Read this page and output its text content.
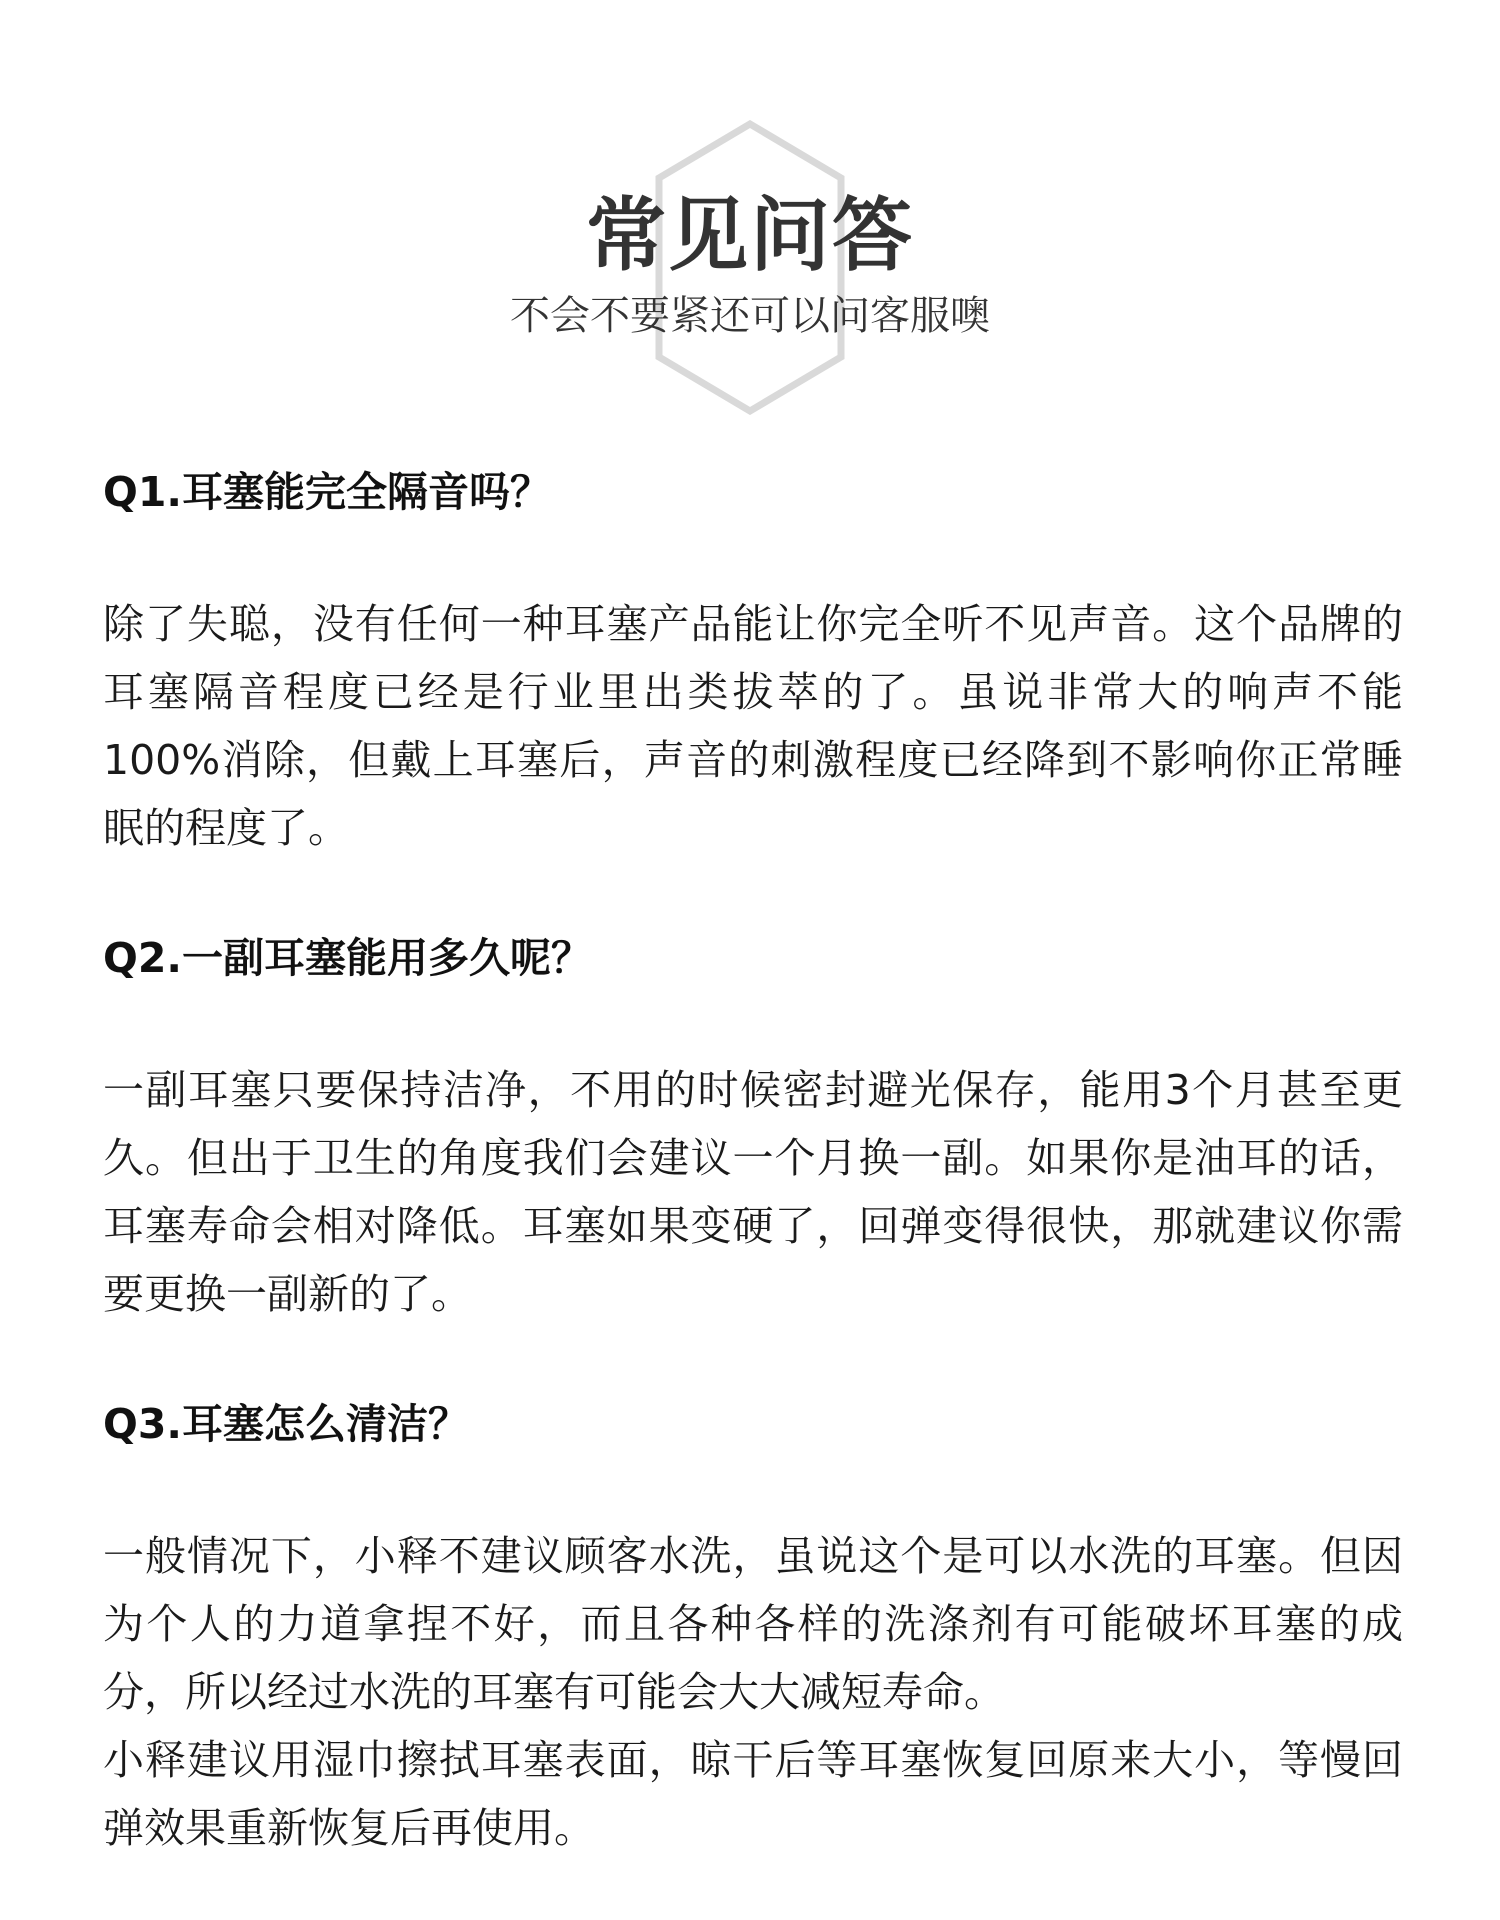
常见问答
不会不要紧还可以问客服噢

Q1.耳塞能完全隔音吗？

除了失聪，没有任何一种耳塞产品能让你完全听不见声音。这个品牌的耳塞隔音程度已经是行业里出类拔萃的了。虽说非常大的响声不能100%消除，但戴上耳塞后，声音的刺激程度已经降到不影响你正常睡眠的程度了。

Q2.一副耳塞能用多久呢？

一副耳塞只要保持洁净，不用的时候密封避光保存，能用3个月甚至更久。但出于卫生的角度我们会建议一个月换一副。如果你是油耳的话，耳塞寿命会相对降低。耳塞如果变硬了，回弹变得很快，那就建议你需要更换一副新的了。

Q3.耳塞怎么清洁？

一般情况下，小释不建议顾客水洗，虽说这个是可以水洗的耳塞。但因为个人的力道拿捏不好，而且各种各样的洗涤剂有可能破坏耳塞的成分，所以经过水洗的耳塞有可能会大大减短寿命。

小释建议用湿巾擦拭耳塞表面，晾干后等耳塞恢复回原来大小，等慢回弹效果重新恢复后再使用。
